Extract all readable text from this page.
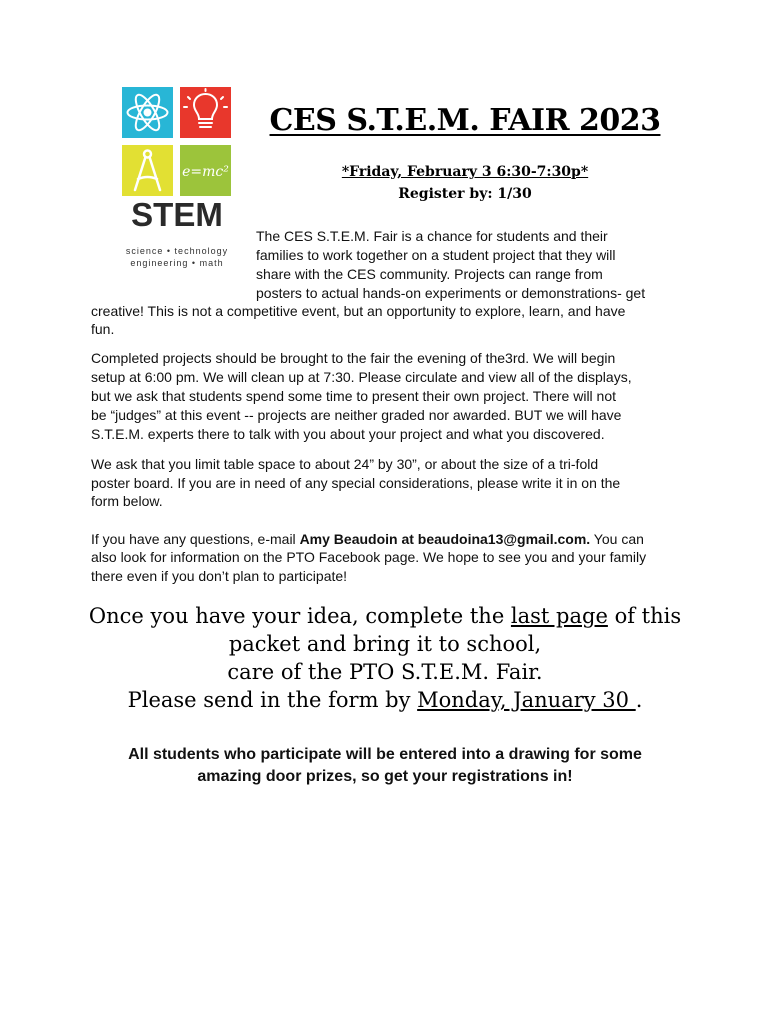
e=mc²
STEM
science • technology
engineering • math
CES S.T.E.M. FAIR 2023
*Friday, February 3 6:30-7:30p*
Register by: 1/30
The CES S.T.E.M. Fair is a chance for students and their
families to work together on a student project that they will
share with the CES community. Projects can range from
posters to actual hands-on experiments or demonstrations- get
creative! This is not a competitive event, but an opportunity to explore, learn, and have
fun.
Completed projects should be brought to the fair the evening of the3rd. We will begin
setup at 6:00 pm. We will clean up at 7:30. Please circulate and view all of the displays,
but we ask that students spend some time to present their own project. There will not
be “judges” at this event -- projects are neither graded nor awarded. BUT we will have
S.T.E.M. experts there to talk with you about your project and what you discovered.
We ask that you limit table space to about 24” by 30”, or about the size of a tri-fold
poster board. If you are in need of any special considerations, please write it in on the
form below.
If you have any questions, e-mail Amy Beaudoin at beaudoina13@gmail.com. You can
also look for information on the PTO Facebook page. We hope to see you and your family
there even if you don’t plan to participate!
Once you have your idea, complete the last page of this
packet and bring it to school,
care of the PTO S.T.E.M. Fair.
Please send in the form by Monday, January 30 .
All students who participate will be entered into a drawing for some
amazing door prizes, so get your registrations in!
